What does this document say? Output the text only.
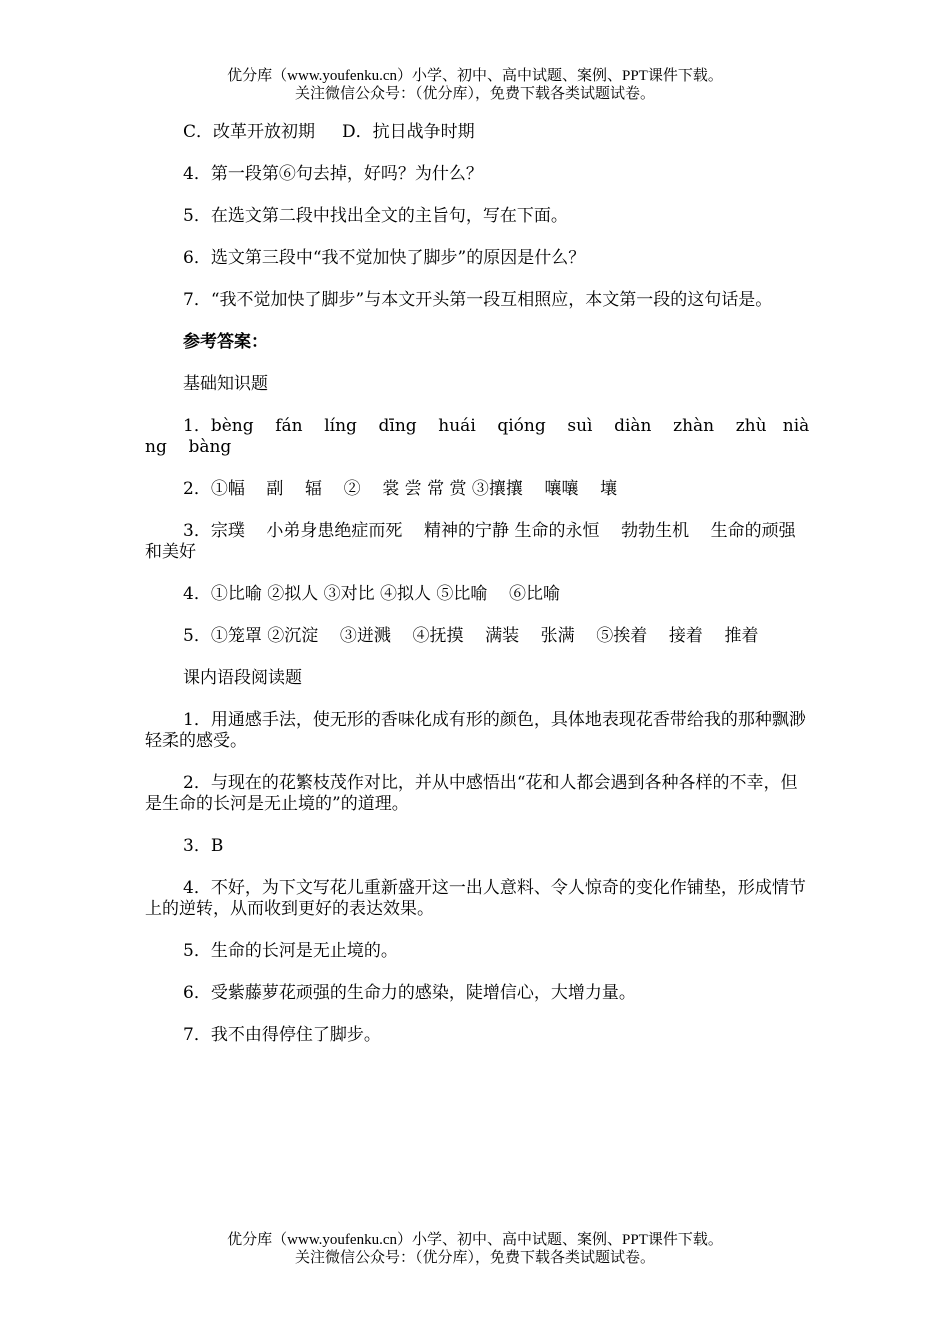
优分库（www.youfenku.cn）小学、初中、高中试题、案例、PPT课件下载。
关注微信公众号：（优分库），免费下载各类试题试卷。

C．改革开放初期     D．抗日战争时期

4．第一段第⑥句去掉，好吗？为什么？

5．在选文第二段中找出全文的主旨句，写在下面。

6．选文第三段中“我不觉加快了脚步”的原因是什么？

7．“我不觉加快了脚步”与本文开头第一段互相照应，本文第一段的这句话是。

参考答案：

基础知识题

1．bèng    fán    líng    dīng    huái    qióng    suì    diàn    zhàn    zhù   niàng    bàng

2．①幅    副    辐    ②    裳 尝 常 赏 ③攘攘    嚷嚷    壤

3．宗璞    小弟身患绝症而死    精神的宁静 生命的永恒    勃勃生机    生命的顽强和美好

4．①比喻 ②拟人 ③对比 ④拟人 ⑤比喻    ⑥比喻

5．①笼罩 ②沉淀    ③迸溅    ④抚摸    满装    张满    ⑤挨着    接着    推着

课内语段阅读题

1．用通感手法，使无形的香味化成有形的颜色，具体地表现花香带给我的那种飘渺轻柔的感受。

2．与现在的花繁枝茂作对比，并从中感悟出“花和人都会遇到各种各样的不幸，但是生命的长河是无止境的”的道理。

3．B

4．不好，为下文写花儿重新盛开这一出人意料、令人惊奇的变化作铺垫，形成情节上的逆转，从而收到更好的表达效果。

5．生命的长河是无止境的。

6．受紫藤萝花顽强的生命力的感染，陡增信心，大增力量。

7．我不由得停住了脚步。

优分库（www.youfenku.cn）小学、初中、高中试题、案例、PPT课件下载。
关注微信公众号：（优分库），免费下载各类试题试卷。
